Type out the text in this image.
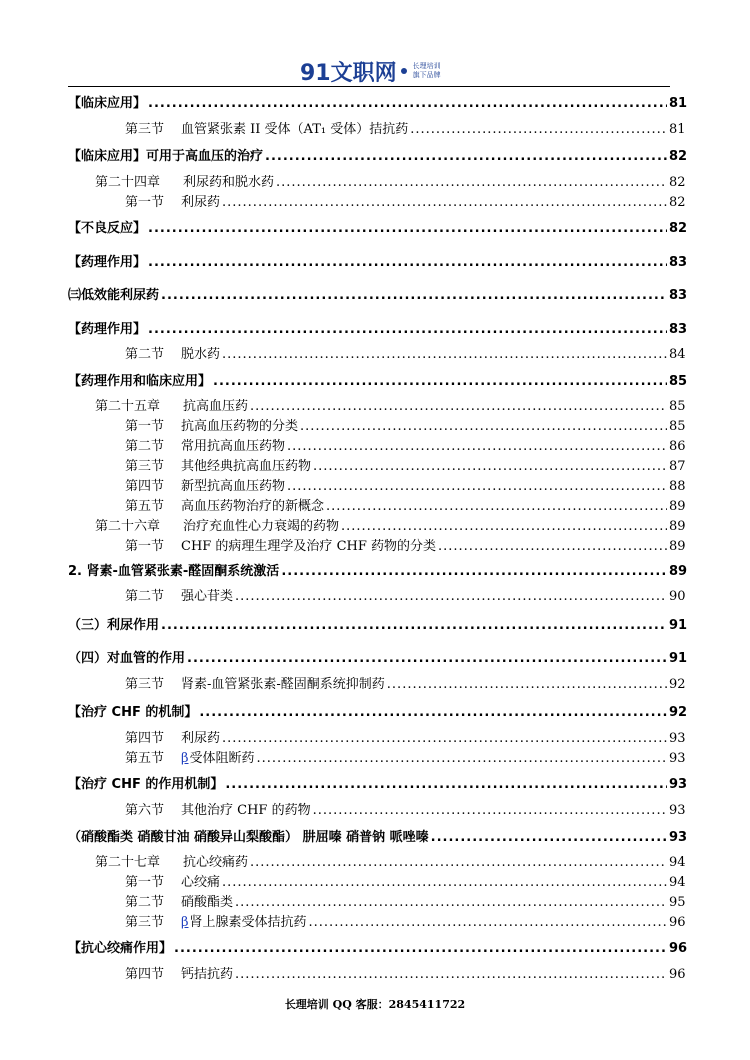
91文职网 长理培训
旗下品牌
【临床应用】 .....	81
第三节	血管紧张素 II 受体（AT₁ 受体）拮抗药 .....	81
【临床应用】可用于高血压的治疗 .....	82
第二十四章	利尿药和脱水药 .....	82
第一节	利尿药 .....	82
【不良反应】 .....	82
【药理作用】 .....	83
㈢低效能利尿药 .....	83
【药理作用】 .....	83
第二节	脱水药 .....	84
【药理作用和临床应用】 .....	85
第二十五章	抗高血压药 .....	85
第一节	抗高血压药物的分类 .....	85
第二节	常用抗高血压药物 .....	86
第三节	其他经典抗高血压药物 .....	87
第四节	新型抗高血压药物 .....	88
第五节	高血压药物治疗的新概念 .....	89
第二十六章	治疗充血性心力衰竭的药物 .....	89
第一节	CHF 的病理生理学及治疗 CHF 药物的分类 .....	89
2. 肾素-血管紧张素-醛固酮系统激活 .....	89
第二节	强心苷类 .....	90
（三）利尿作用 .....	91
（四）对血管的作用 .....	91
第三节	肾素-血管紧张素-醛固酮系统抑制药 .....	92
【治疗 CHF 的机制】 .....	92
第四节	利尿药 .....	93
第五节	β受体阻断药 .....	93
【治疗 CHF 的作用机制】 .....	93
第六节	其他治疗 CHF 的药物 .....	93
（硝酸酯类 硝酸甘油 硝酸异山梨酸酯） 肼屈嗪 硝普钠 哌唑嗪 .....	93
第二十七章	抗心绞痛药 .....	94
第一节	心绞痛 .....	94
第二节	硝酸酯类 .....	95
第三节	β肾上腺素受体拮抗药 .....	96
【抗心绞痛作用】 .....	96
第四节	钙拮抗药 .....	96
长理培训 QQ 客服：2845411722
